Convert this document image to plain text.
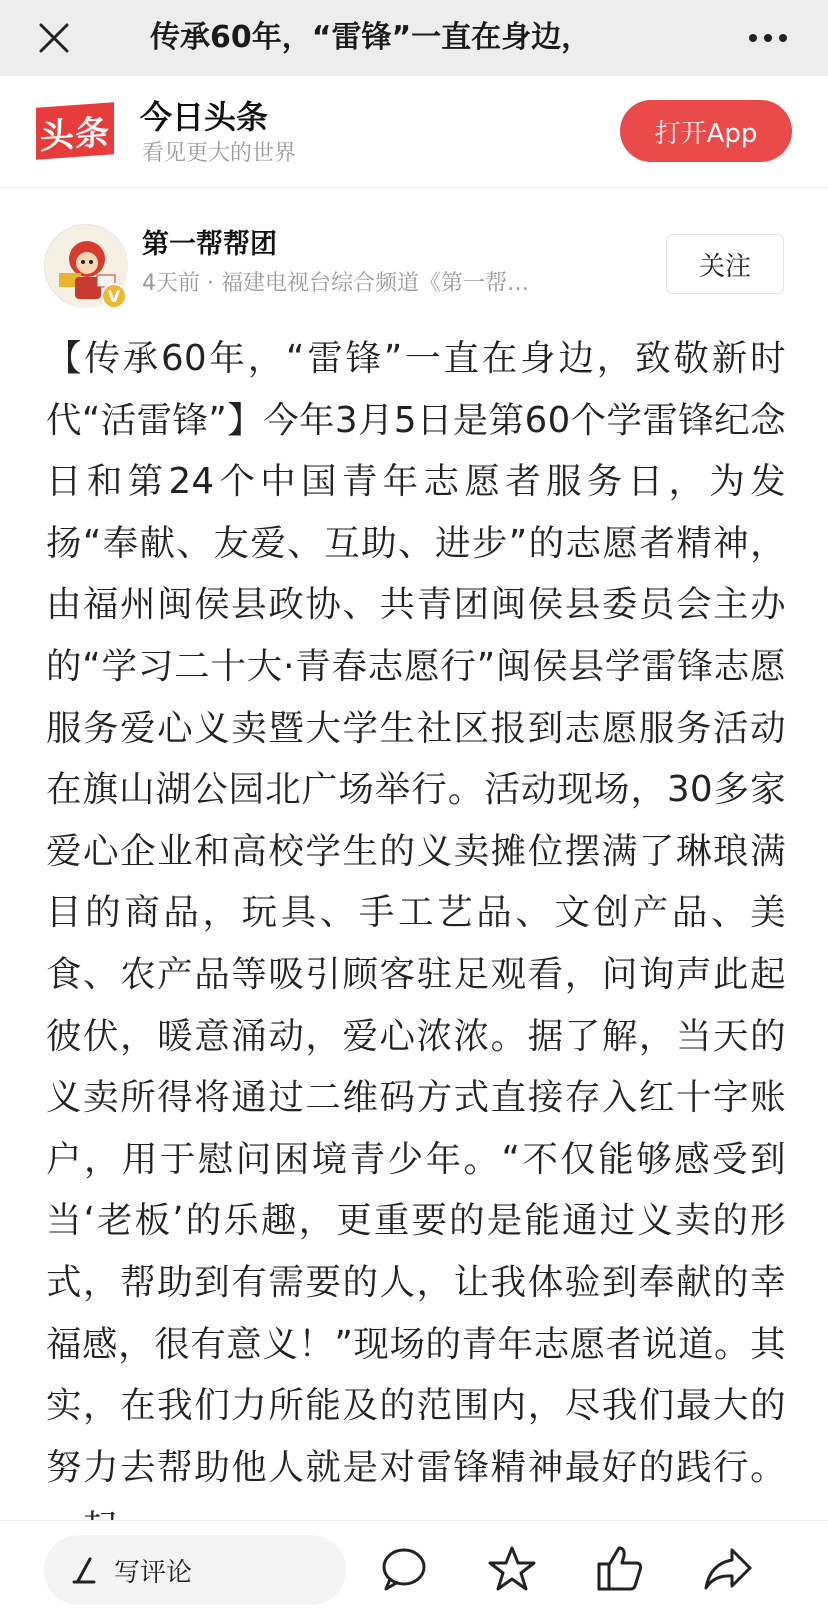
传承60年，“雷锋”一直在身边，
头条 今日头条
看见更大的世界
打开App
V
第一帮帮团
4天前 · 福建电视台综合频道《第一帮…
关注
【传承60年，“雷锋”一直在身边，致敬新时代“活雷锋”】今年3月5日是第60个学雷锋纪念日和第24个中国青年志愿者服务日，为发扬“奉献、友爱、互助、进步”的志愿者精神，由福州闽侯县政协、共青团闽侯县委员会主办的“学习二十大·青春志愿行”闽侯县学雷锋志愿服务爱心义卖暨大学生社区报到志愿服务活动在旗山湖公园北广场举行。活动现场，30多家爱心企业和高校学生的义卖摊位摆满了琳琅满目的商品，玩具、手工艺品、文创产品、美食、农产品等吸引顾客驻足观看，问询声此起彼伏，暖意涌动，爱心浓浓。据了解，当天的义卖所得将通过二维码方式直接存入红十字账户，用于慰问困境青少年。“不仅能够感受到当‘老板’的乐趣，更重要的是能通过义卖的形式，帮助到有需要的人，让我体验到奉献的幸福感，很有意义！”现场的青年志愿者说道。其实，在我们力所能及的范围内，尽我们最大的努力去帮助他人就是对雷锋精神最好的践行。
写评论
